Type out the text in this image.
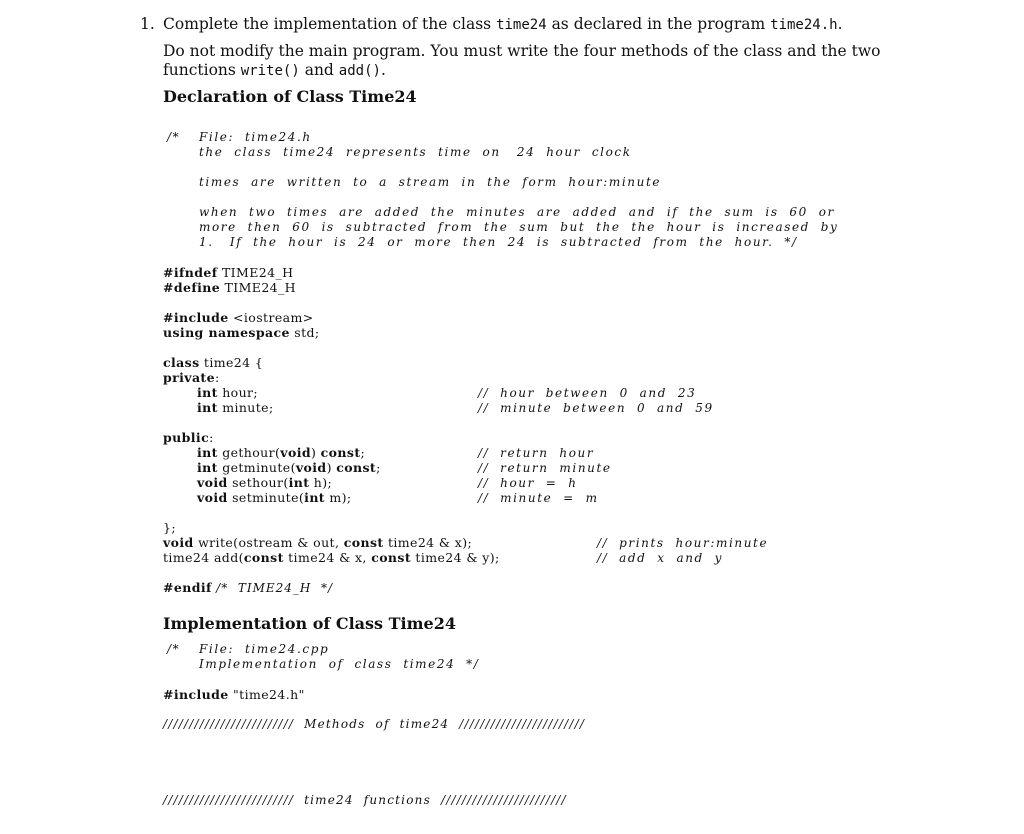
1. Complete the implementation of the class time24 as declared in the program time24.h.
Do not modify the main program. You must write the four methods of the class and the two
functions write() and add().
Declaration of Class Time24
/* File:  time24.h
the  class  time24  represents  time  on   24  hour  clock
times  are  written  to  a  stream  in  the  form  hour:minute
when  two  times  are  added  the  minutes  are  added  and  if  the  sum  is  60  or
more  then  60  is  subtracted  from  the  sum  but  the  the  hour  is  increased  by
1.   If  the  hour  is  24  or  more  then  24  is  subtracted  from  the  hour.  */
#ifndef TIME24_H
#define TIME24_H
#include <iostream>
using namespace std;
class time24 {
private:
int hour;
int minute;
//  hour  between  0  and  23
//  minute  between  0  and  59
public:
int gethour(void) const;
int getminute(void) const;
void sethour(int h);
void setminute(int m);
//  return  hour
//  return  minute
//  hour  =  h
//  minute  =  m
};
void write(ostream & out, const time24 & x);
time24 add(const time24 & x, const time24 & y);
//  prints  hour:minute
//  add  x  and  y
#endif /*  TIME24_H  */
Implementation of Class Time24
/* File:  time24.cpp
Implementation  of  class  time24  */
#include "time24.h"
/////////////////////////  Methods  of  time24  ////////////////////////
/////////////////////////  time24  functions  ////////////////////////
